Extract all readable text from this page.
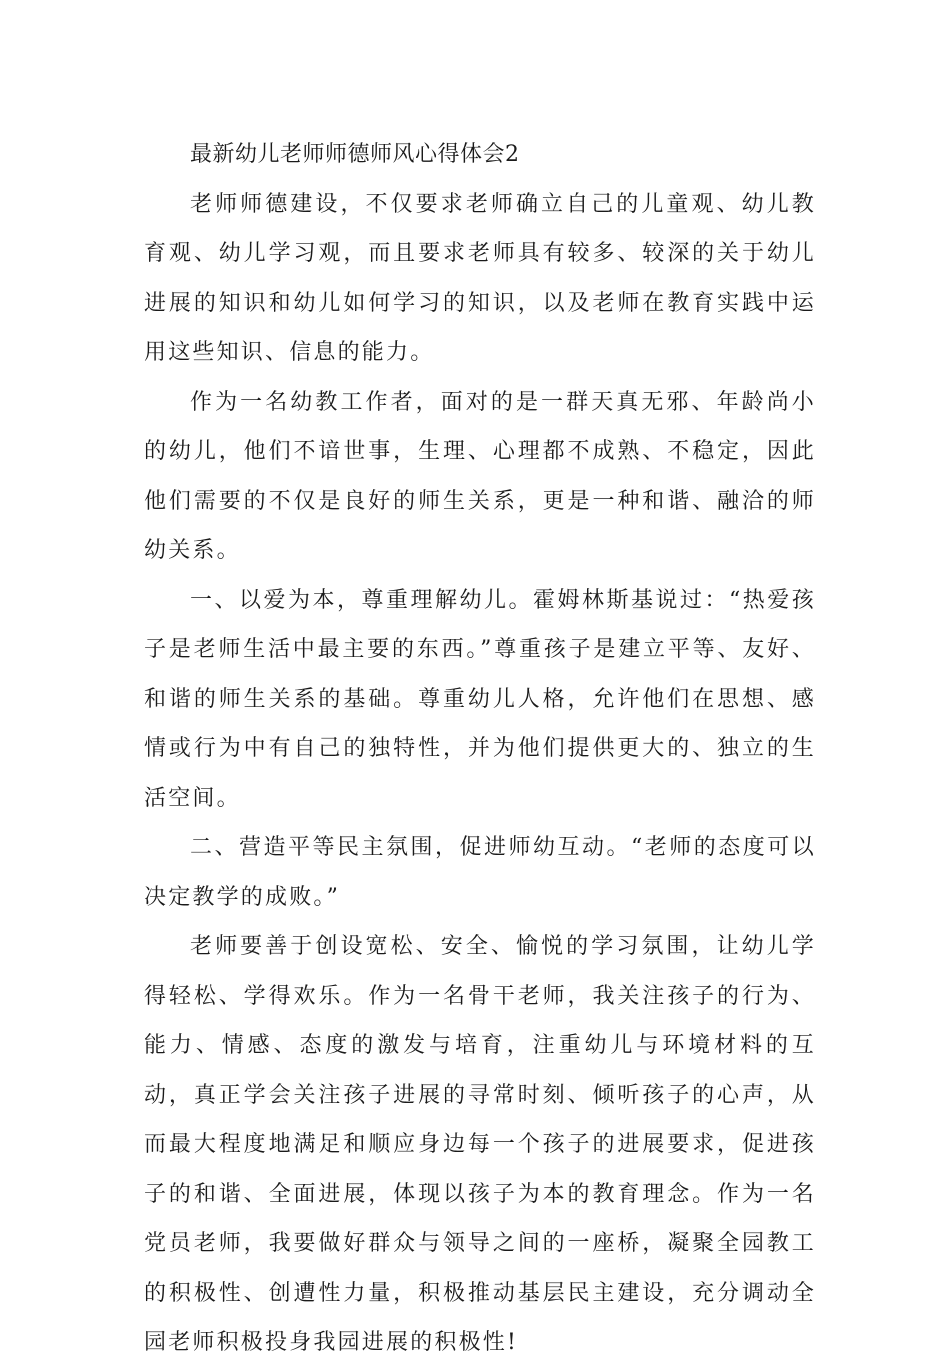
最新幼儿老师师德师风心得体会2

老师师德建设，不仅要求老师确立自己的儿童观、幼儿教育观、幼儿学习观，而且要求老师具有较多、较深的关于幼儿进展的知识和幼儿如何学习的知识，以及老师在教育实践中运用这些知识、信息的能力。

作为一名幼教工作者，面对的是一群天真无邪、年龄尚小的幼儿，他们不谙世事，生理、心理都不成熟、不稳定，因此他们需要的不仅是良好的师生关系，更是一种和谐、融洽的师幼关系。

一、以爱为本，尊重理解幼儿。霍姆林斯基说过：“热爱孩子是老师生活中最主要的东西。”尊重孩子是建立平等、友好、和谐的师生关系的基础。尊重幼儿人格，允许他们在思想、感情或行为中有自己的独特性，并为他们提供更大的、独立的生活空间。

二、营造平等民主氛围，促进师幼互动。“老师的态度可以决定教学的成败。”

老师要善于创设宽松、安全、愉悦的学习氛围，让幼儿学得轻松、学得欢乐。作为一名骨干老师，我关注孩子的行为、能力、情感、态度的激发与培育，注重幼儿与环境材料的互动，真正学会关注孩子进展的寻常时刻、倾听孩子的心声，从而最大程度地满足和顺应身边每一个孩子的进展要求，促进孩子的和谐、全面进展，体现以孩子为本的教育理念。作为一名党员老师，我要做好群众与领导之间的一座桥，凝聚全园教工的积极性、创遭性力量，积极推动基层民主建设，充分调动全园老师积极投身我园进展的积极性!
